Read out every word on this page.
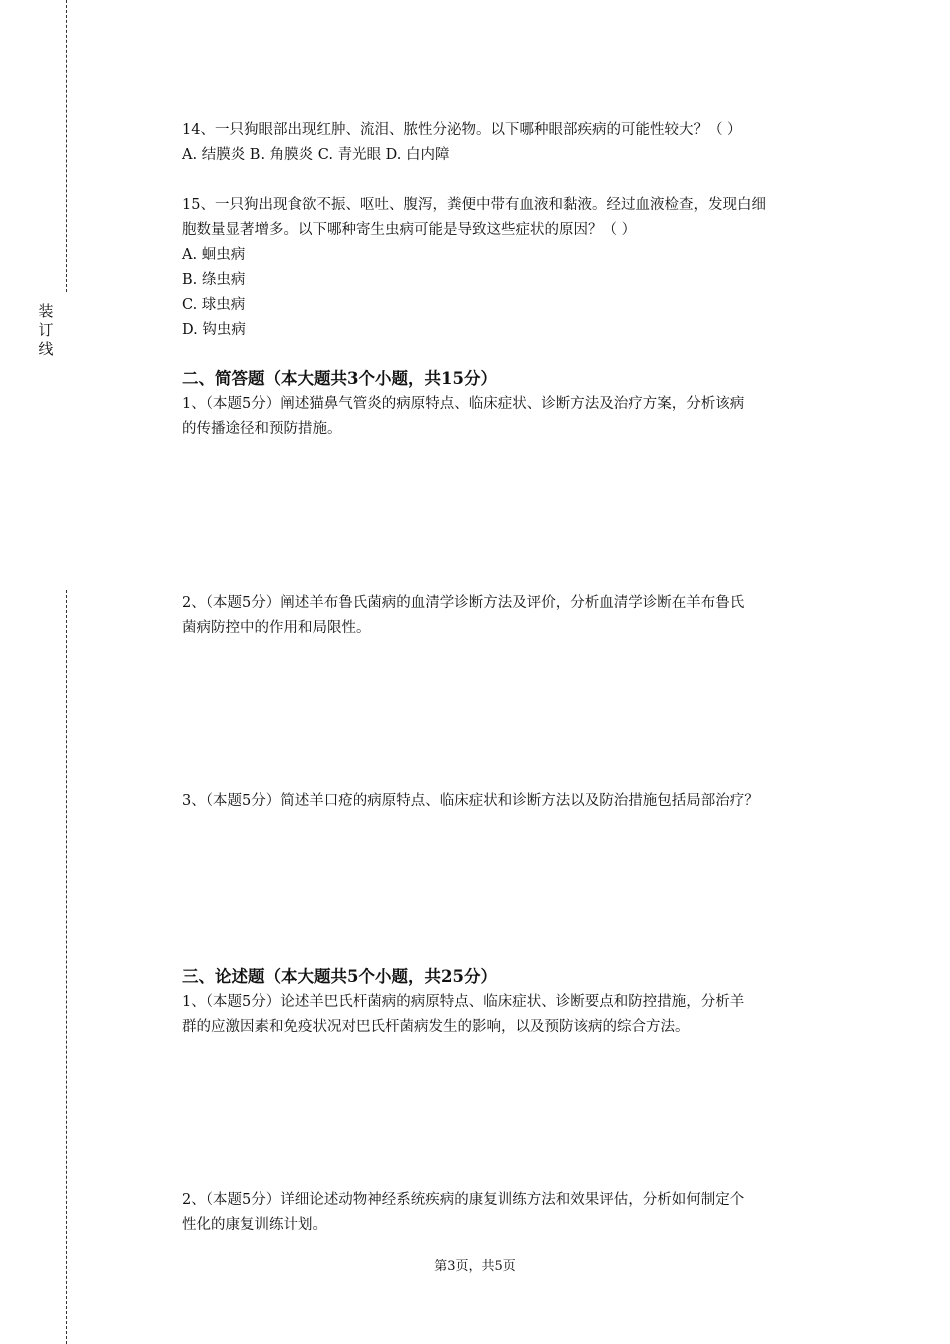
装订线
14、一只狗眼部出现红肿、流泪、脓性分泌物。以下哪种眼部疾病的可能性较大？（ ）
A. 结膜炎 B. 角膜炎 C. 青光眼 D. 白内障
15、一只狗出现食欲不振、呕吐、腹泻，粪便中带有血液和黏液。经过血液检查，发现白细
胞数量显著增多。以下哪种寄生虫病可能是导致这些症状的原因？（ ）
A. 蛔虫病
B. 绦虫病
C. 球虫病
D. 钩虫病
二、简答题（本大题共3个小题，共15分）
1、（本题5分）阐述猫鼻气管炎的病原特点、临床症状、诊断方法及治疗方案，分析该病
的传播途径和预防措施。
2、（本题5分）阐述羊布鲁氏菌病的血清学诊断方法及评价，分析血清学诊断在羊布鲁氏
菌病防控中的作用和局限性。
3、（本题5分）简述羊口疮的病原特点、临床症状和诊断方法以及防治措施包括局部治疗？
三、论述题（本大题共5个小题，共25分）
1、（本题5分）论述羊巴氏杆菌病的病原特点、临床症状、诊断要点和防控措施，分析羊
群的应激因素和免疫状况对巴氏杆菌病发生的影响，以及预防该病的综合方法。
2、（本题5分）详细论述动物神经系统疾病的康复训练方法和效果评估，分析如何制定个
性化的康复训练计划。
第3页，共5页
